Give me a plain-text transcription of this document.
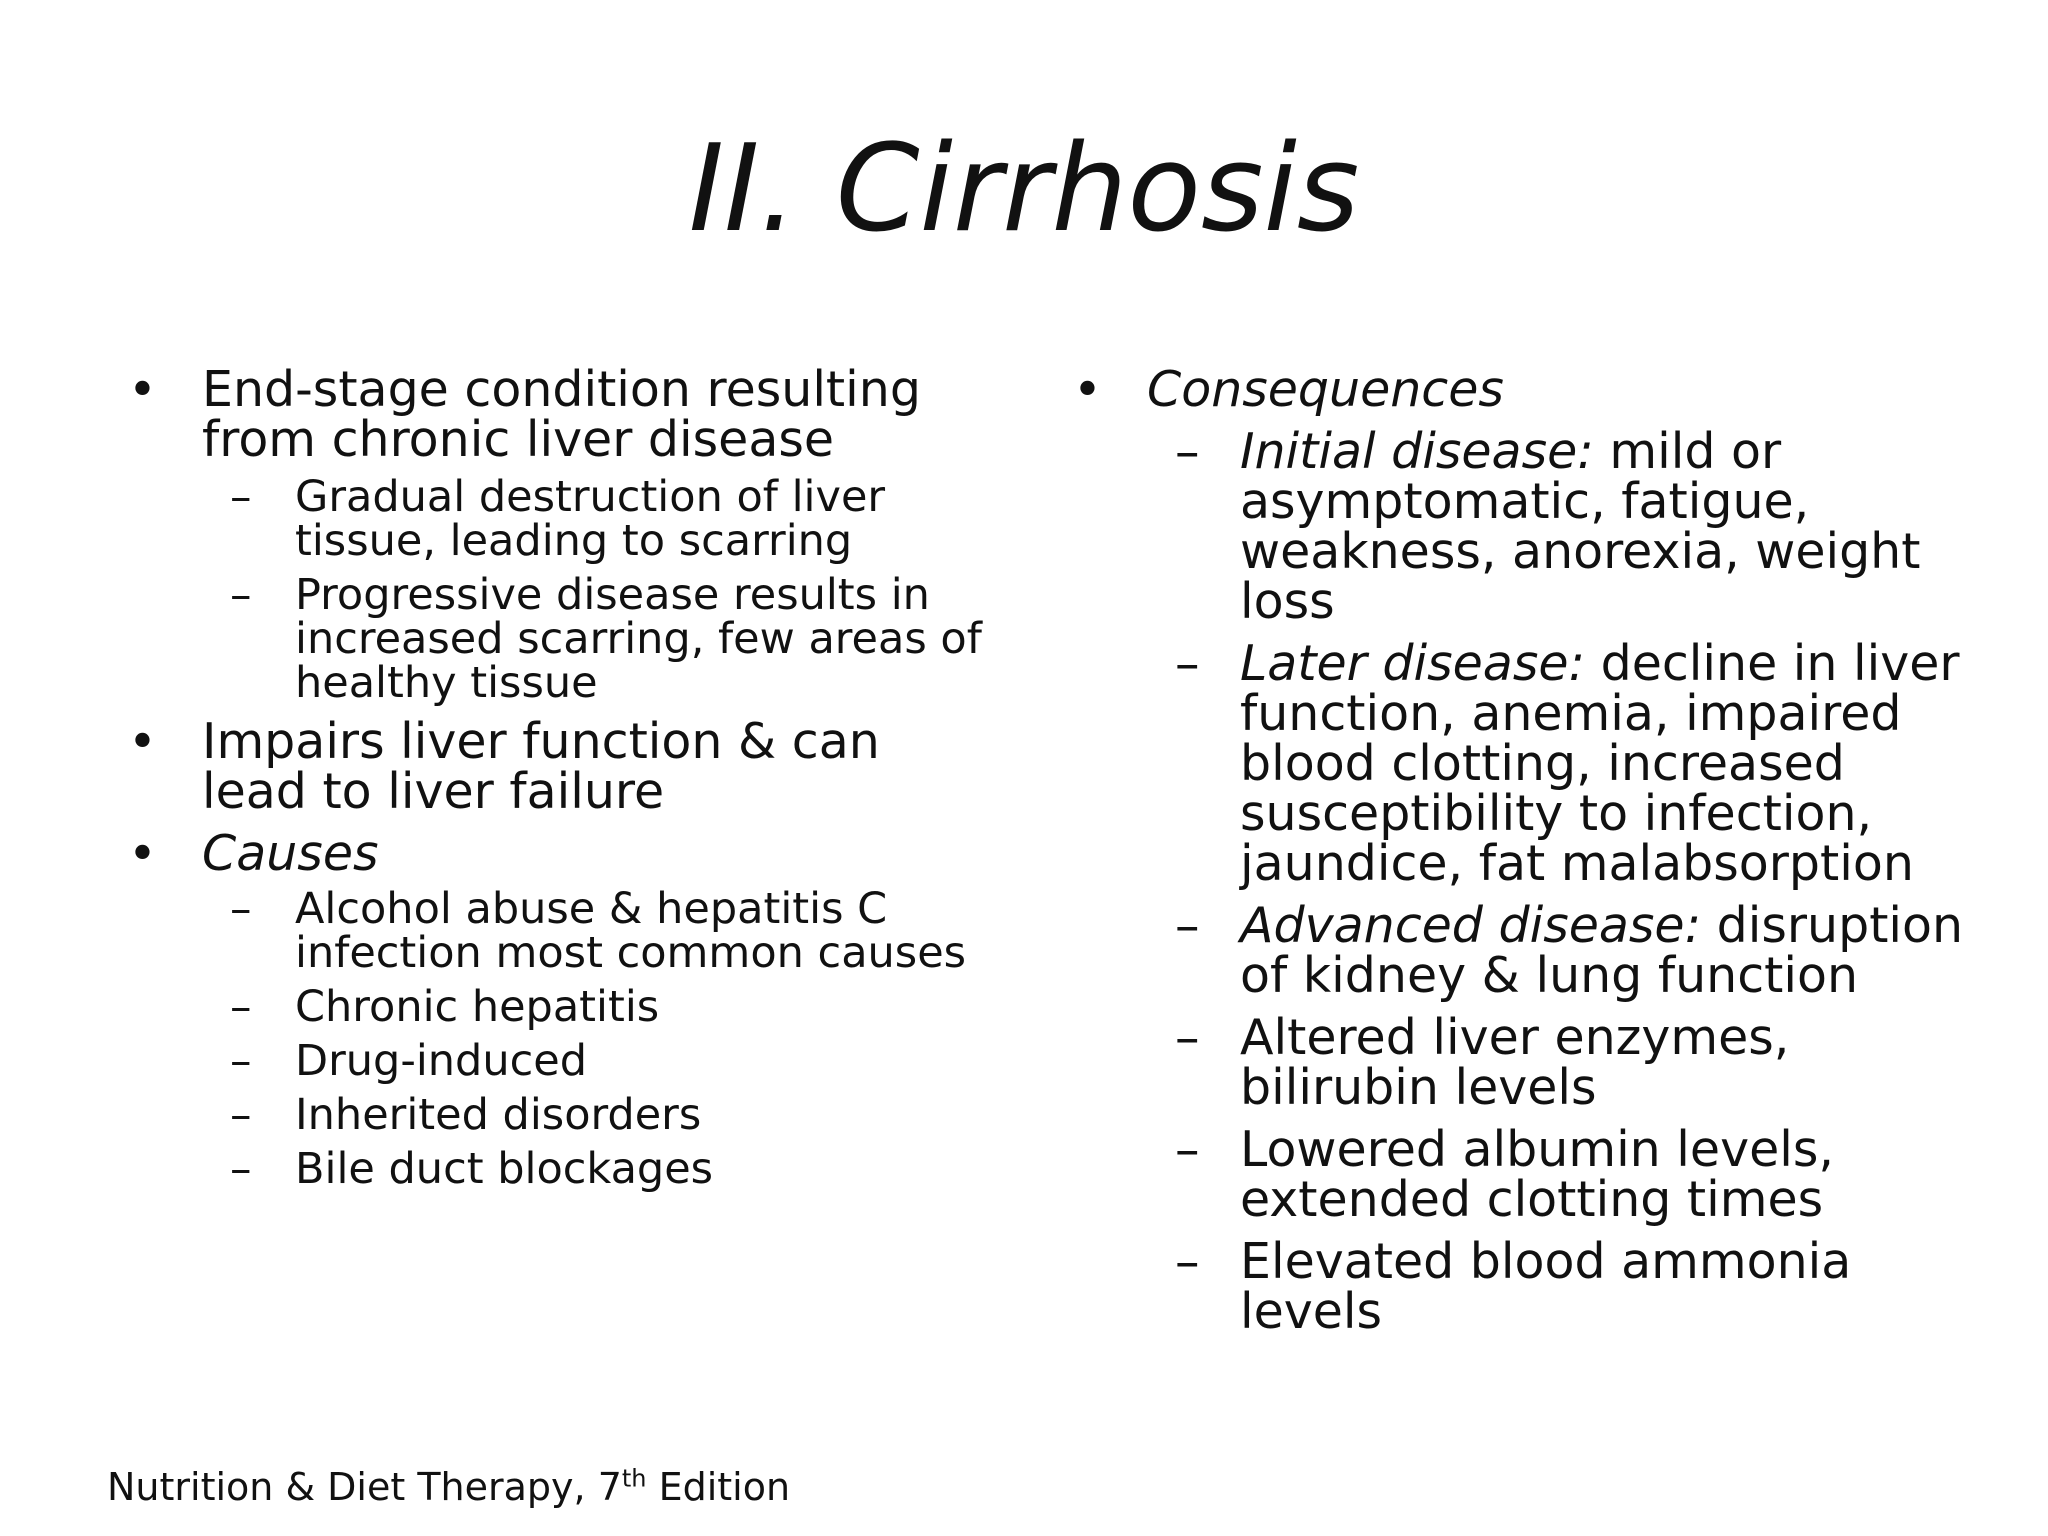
II. Cirrhosis

• End-stage condition resulting from chronic liver disease

– Gradual destruction of liver tissue, leading to scarring

– Progressive disease results in increased scarring, few areas of healthy tissue

• Impairs liver function & can lead to liver failure

• Causes

– Alcohol abuse & hepatitis C infection most common causes

– Chronic hepatitis

– Drug-induced

– Inherited disorders

– Bile duct blockages

• Consequences

– Initial disease: mild or asymptomatic, fatigue, weakness, anorexia, weight loss

– Later disease: decline in liver function, anemia, impaired blood clotting, increased susceptibility to infection, jaundice, fat malabsorption

– Advanced disease: disruption of kidney & lung function

– Altered liver enzymes, bilirubin levels

– Lowered albumin levels, extended clotting times

– Elevated blood ammonia levels

Nutrition & Diet Therapy, 7th Edition
